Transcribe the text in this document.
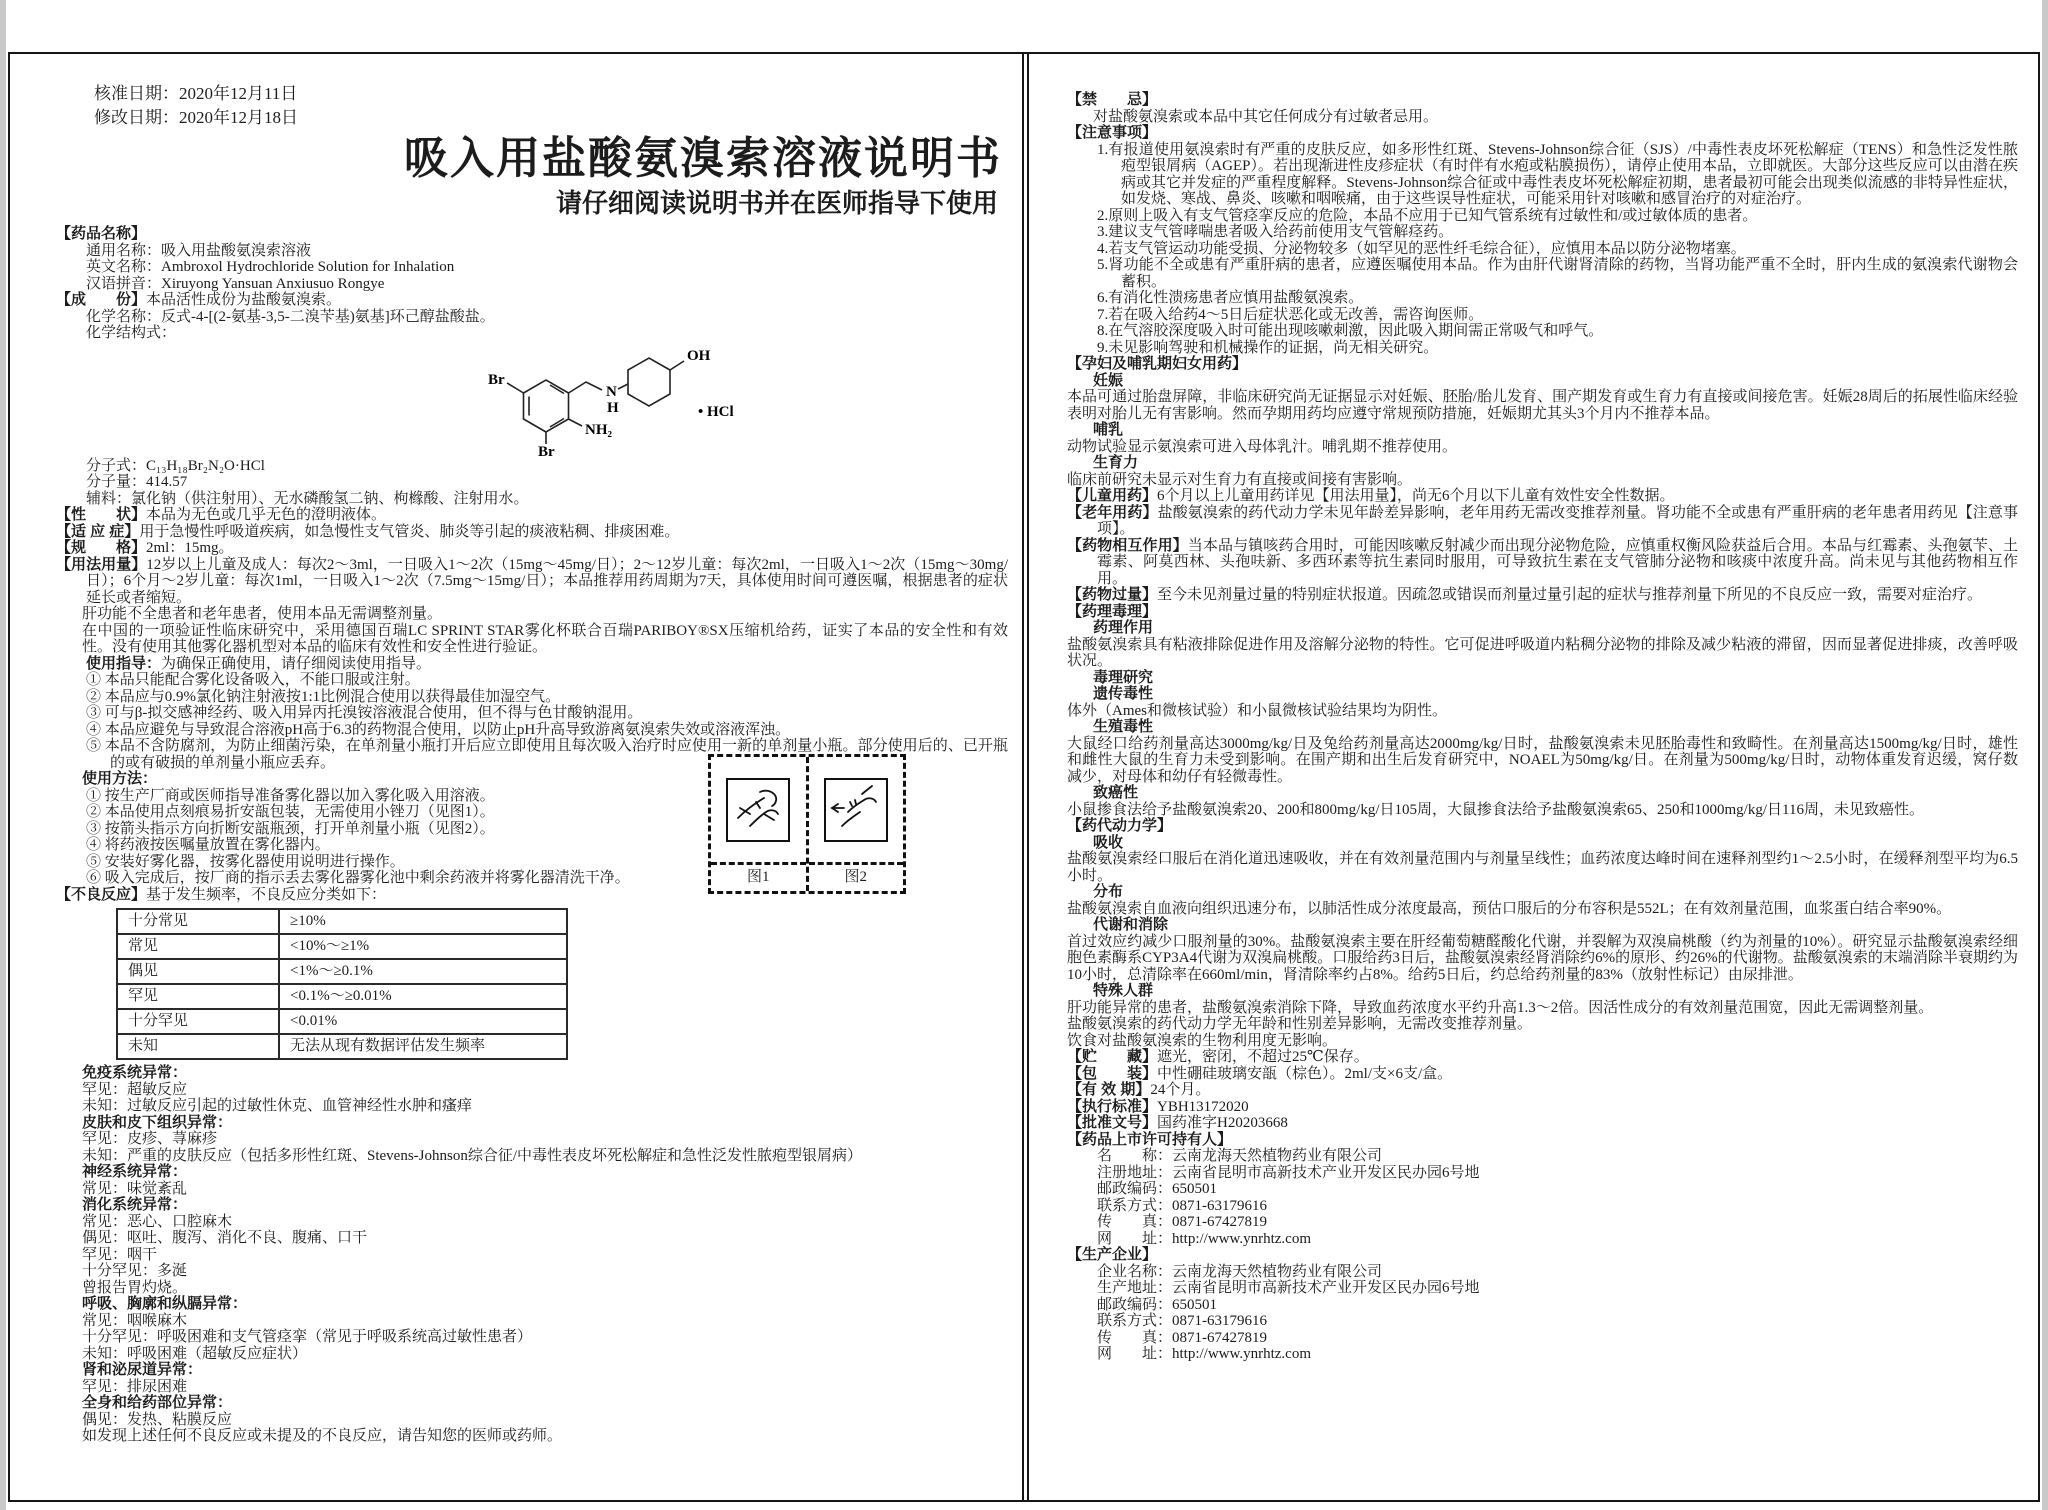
核准日期：2020年12月11日
修改日期：2020年12月18日
吸入用盐酸氨溴索溶液说明书
请仔细阅读说明书并在医师指导下使用
【药品名称】
通用名称：吸入用盐酸氨溴索溶液
英文名称：Ambroxol Hydrochloride Solution for Inhalation
汉语拼音：Xiruyong Yansuan Anxiusuo Rongye
【成　　份】本品活性成份为盐酸氨溴索。
化学名称：反式-4-[(2-氨基-3,5-二溴苄基)氨基]环己醇盐酸盐。
化学结构式：
Br
Br
NH₂
N
H
OH
• HCl
分子式：C₁₃H₁₈Br₂N₂O·HCl
分子量：414.57
辅料：氯化钠（供注射用）、无水磷酸氢二钠、枸橼酸、注射用水。
【性　　状】本品为无色或几乎无色的澄明液体。
【适 应 症】用于急慢性呼吸道疾病，如急慢性支气管炎、肺炎等引起的痰液粘稠、排痰困难。
【规　　格】2ml：15mg。
【用法用量】12岁以上儿童及成人：每次2～3ml，一日吸入1～2次（15mg～45mg/日）；2～12岁儿童：每次2ml，一日吸入1～2次（15mg～30mg/日）；6个月～2岁儿童：每次1ml，一日吸入1～2次（7.5mg～15mg/日）；本品推荐用药周期为7天，具体使用时间可遵医嘱，根据患者的症状延长或者缩短。
肝功能不全患者和老年患者，使用本品无需调整剂量。
在中国的一项验证性临床研究中，采用德国百瑞LC SPRINT STAR雾化杯联合百瑞PARIBOY®SX压缩机给药，证实了本品的安全性和有效性。没有使用其他雾化器机型对本品的临床有效性和安全性进行验证。
使用指导：为确保正确使用，请仔细阅读使用指导。
① 本品只能配合雾化设备吸入，不能口服或注射。
② 本品应与0.9%氯化钠注射液按1:1比例混合使用以获得最佳加湿空气。
③ 可与β-拟交感神经药、吸入用异丙托溴铵溶液混合使用，但不得与色甘酸钠混用。
④ 本品应避免与导致混合溶液pH高于6.3的药物混合使用，以防止pH升高导致游离氨溴索失效或溶液浑浊。
⑤ 本品不含防腐剂，为防止细菌污染，在单剂量小瓶打开后应立即使用且每次吸入治疗时应使用一新的单剂量小瓶。部分使用后的、已开瓶的或有破损的单剂量小瓶应丢弃。
图1	图2
使用方法：
① 按生产厂商或医师指导准备雾化器以加入雾化吸入用溶液。
② 本品使用点刻痕易折安瓿包装，无需使用小锉刀（见图1）。
③ 按箭头指示方向折断安瓿瓶颈，打开单剂量小瓶（见图2）。
④ 将药液按医嘱量放置在雾化器内。
⑤ 安装好雾化器，按雾化器使用说明进行操作。
⑥ 吸入完成后，按厂商的指示丢去雾化器雾化池中剩余药液并将雾化器清洗干净。
【不良反应】基于发生频率，不良反应分类如下：
十分常见	≥10%
常见	<10%～≥1%
偶见	<1%～≥0.1%
罕见	<0.1%～≥0.01%
十分罕见	<0.01%
未知	无法从现有数据评估发生频率
免疫系统异常：
罕见：超敏反应
未知：过敏反应引起的过敏性休克、血管神经性水肿和瘙痒
皮肤和皮下组织异常：
罕见：皮疹、荨麻疹
未知：严重的皮肤反应（包括多形性红斑、Stevens-Johnson综合征/中毒性表皮坏死松解症和急性泛发性脓疱型银屑病）
神经系统异常：
常见：味觉紊乱
消化系统异常：
常见：恶心、口腔麻木
偶见：呕吐、腹泻、消化不良、腹痛、口干
罕见：咽干
十分罕见：多涎
曾报告胃灼烧。
呼吸、胸廓和纵膈异常：
常见：咽喉麻木
十分罕见：呼吸困难和支气管痉挛（常见于呼吸系统高过敏性患者）
未知：呼吸困难（超敏反应症状）
肾和泌尿道异常：
罕见：排尿困难
全身和给药部位异常：
偶见：发热、粘膜反应
如发现上述任何不良反应或未提及的不良反应，请告知您的医师或药师。
【禁　　忌】
对盐酸氨溴索或本品中其它任何成分有过敏者忌用。
【注意事项】
1.有报道使用氨溴索时有严重的皮肤反应，如多形性红斑、Stevens-Johnson综合征（SJS）/中毒性表皮坏死松解症（TENS）和急性泛发性脓疱型银屑病（AGEP）。若出现渐进性皮疹症状（有时伴有水疱或粘膜损伤），请停止使用本品，立即就医。大部分这些反应可以由潜在疾病或其它并发症的严重程度解释。Stevens-Johnson综合征或中毒性表皮坏死松解症初期，患者最初可能会出现类似流感的非特异性症状，如发烧、寒战、鼻炎、咳嗽和咽喉痛，由于这些误导性症状，可能采用针对咳嗽和感冒治疗的对症治疗。
2.原则上吸入有支气管痉挛反应的危险，本品不应用于已知气管系统有过敏性和/或过敏体质的患者。
3.建议支气管哮喘患者吸入给药前使用支气管解痉药。
4.若支气管运动功能受损、分泌物较多（如罕见的恶性纤毛综合征），应慎用本品以防分泌物堵塞。
5.肾功能不全或患有严重肝病的患者，应遵医嘱使用本品。作为由肝代谢肾清除的药物，当肾功能严重不全时，肝内生成的氨溴索代谢物会蓄积。
6.有消化性溃疡患者应慎用盐酸氨溴索。
7.若在吸入给药4～5日后症状恶化或无改善，需咨询医师。
8.在气溶胶深度吸入时可能出现咳嗽刺激，因此吸入期间需正常吸气和呼气。
9.未见影响驾驶和机械操作的证据，尚无相关研究。
【孕妇及哺乳期妇女用药】
妊娠
本品可通过胎盘屏障，非临床研究尚无证据显示对妊娠、胚胎/胎儿发育、围产期发育或生育力有直接或间接危害。妊娠28周后的拓展性临床经验表明对胎儿无有害影响。然而孕期用药均应遵守常规预防措施，妊娠期尤其头3个月内不推荐本品。
哺乳
动物试验显示氨溴索可进入母体乳汁。哺乳期不推荐使用。
生育力
临床前研究未显示对生育力有直接或间接有害影响。
【儿童用药】6个月以上儿童用药详见【用法用量】，尚无6个月以下儿童有效性安全性数据。
【老年用药】盐酸氨溴索的药代动力学未见年龄差异影响，老年用药无需改变推荐剂量。肾功能不全或患有严重肝病的老年患者用药见【注意事项】。
【药物相互作用】当本品与镇咳药合用时，可能因咳嗽反射减少而出现分泌物危险，应慎重权衡风险获益后合用。本品与红霉素、头孢氨苄、土霉素、阿莫西林、头孢呋新、多西环素等抗生素同时服用，可导致抗生素在支气管肺分泌物和咳痰中浓度升高。尚未见与其他药物相互作用。
【药物过量】至今未见剂量过量的特别症状报道。因疏忽或错误而剂量过量引起的症状与推荐剂量下所见的不良反应一致，需要对症治疗。
【药理毒理】
药理作用
盐酸氨溴索具有粘液排除促进作用及溶解分泌物的特性。它可促进呼吸道内粘稠分泌物的排除及减少粘液的滞留，因而显著促进排痰，改善呼吸状况。
毒理研究
遗传毒性
体外（Ames和微核试验）和小鼠微核试验结果均为阴性。
生殖毒性
大鼠经口给药剂量高达3000mg/kg/日及兔给药剂量高达2000mg/kg/日时，盐酸氨溴索未见胚胎毒性和致畸性。在剂量高达1500mg/kg/日时，雄性和雌性大鼠的生育力未受到影响。在围产期和出生后发育研究中，NOAEL为50mg/kg/日。在剂量为500mg/kg/日时，动物体重发育迟缓，窝仔数减少，对母体和幼仔有轻微毒性。
致癌性
小鼠掺食法给予盐酸氨溴索20、200和800mg/kg/日105周，大鼠掺食法给予盐酸氨溴索65、250和1000mg/kg/日116周，未见致癌性。
【药代动力学】
吸收
盐酸氨溴索经口服后在消化道迅速吸收，并在有效剂量范围内与剂量呈线性；血药浓度达峰时间在速释剂型约1～2.5小时，在缓释剂型平均为6.5小时。
分布
盐酸氨溴索自血液向组织迅速分布，以肺活性成分浓度最高，预估口服后的分布容积是552L；在有效剂量范围，血浆蛋白结合率90%。
代谢和消除
首过效应约减少口服剂量的30%。盐酸氨溴索主要在肝经葡萄糖醛酸化代谢，并裂解为双溴扁桃酸（约为剂量的10%）。研究显示盐酸氨溴索经细胞色素酶系CYP3A4代谢为双溴扁桃酸。口服给药3日后，盐酸氨溴索经肾消除约6%的原形、约26%的代谢物。盐酸氨溴索的末端消除半衰期约为10小时，总清除率在660ml/min，肾清除率约占8%。给药5日后，约总给药剂量的83%（放射性标记）由尿排泄。
特殊人群
肝功能异常的患者，盐酸氨溴索消除下降，导致血药浓度水平约升高1.3～2倍。因活性成分的有效剂量范围宽，因此无需调整剂量。
盐酸氨溴索的药代动力学无年龄和性别差异影响，无需改变推荐剂量。
饮食对盐酸氨溴索的生物利用度无影响。
【贮　　藏】遮光，密闭，不超过25℃保存。
【包　　装】中性硼硅玻璃安瓿（棕色）。2ml/支×6支/盒。
【有 效 期】24个月。
【执行标准】YBH13172020
【批准文号】国药准字H20203668
【药品上市许可持有人】
名　　称：云南龙海天然植物药业有限公司
注册地址：云南省昆明市高新技术产业开发区民办园6号地
邮政编码：650501
联系方式：0871-63179616
传　　真：0871-67427819
网　　址：http://www.ynrhtz.com
【生产企业】
企业名称：云南龙海天然植物药业有限公司
生产地址：云南省昆明市高新技术产业开发区民办园6号地
邮政编码：650501
联系方式：0871-63179616
传　　真：0871-67427819
网　　址：http://www.ynrhtz.com
